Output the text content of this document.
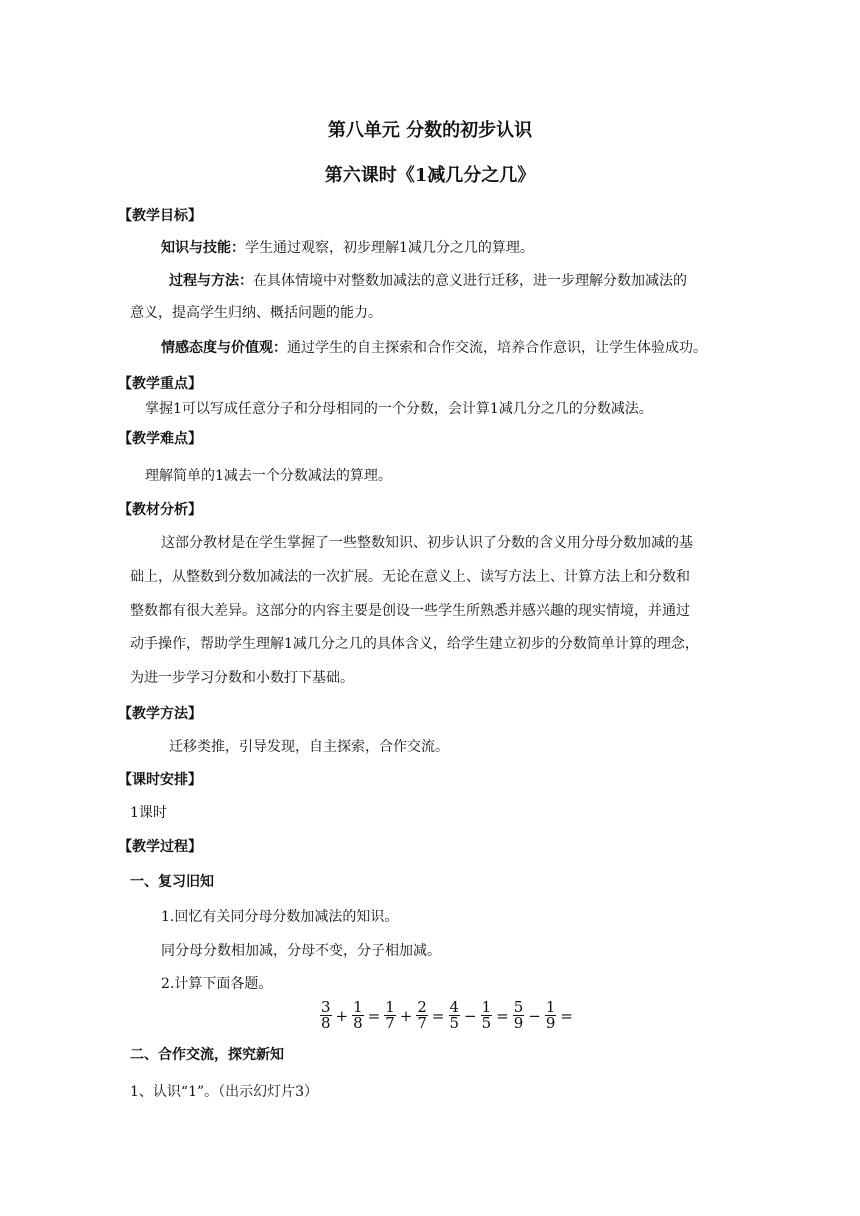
第八单元 分数的初步认识
第六课时《1减几分之几》
【教学目标】
知识与技能：学生通过观察，初步理解1减几分之几的算理。
过程与方法：在具体情境中对整数加减法的意义进行迁移，进一步理解分数加减法的
意义，提高学生归纳、概括问题的能力。
情感态度与价值观：通过学生的自主探索和合作交流，培养合作意识，让学生体验成功。
【教学重点】
掌握1可以写成任意分子和分母相同的一个分数，会计算1减几分之几的分数减法。
【教学难点】
理解简单的1减去一个分数减法的算理。
【教材分析】
这部分教材是在学生掌握了一些整数知识、初步认识了分数的含义用分母分数加减的基
础上，从整数到分数加减法的一次扩展。无论在意义上、读写方法上、计算方法上和分数和
整数都有很大差异。这部分的内容主要是创设一些学生所熟悉并感兴趣的现实情境，并通过
动手操作，帮助学生理解1减几分之几的具体含义，给学生建立初步的分数简单计算的理念，
为进一步学习分数和小数打下基础。
【教学方法】
迁移类推，引导发现，自主探索，合作交流。
【课时安排】
1课时
【教学过程】
一、复习旧知
1.回忆有关同分母分数加减法的知识。
同分母分数相加减，分母不变，分子相加减。
2.计算下面各题。
$\frac{3}{8} + \frac{1}{8} = \frac{1}{7} + \frac{2}{7} = \frac{4}{5} - \frac{1}{5} = \frac{5}{9} - \frac{1}{9}$ =
二、合作交流，探究新知
1、认识“1”。（出示幻灯片3）
